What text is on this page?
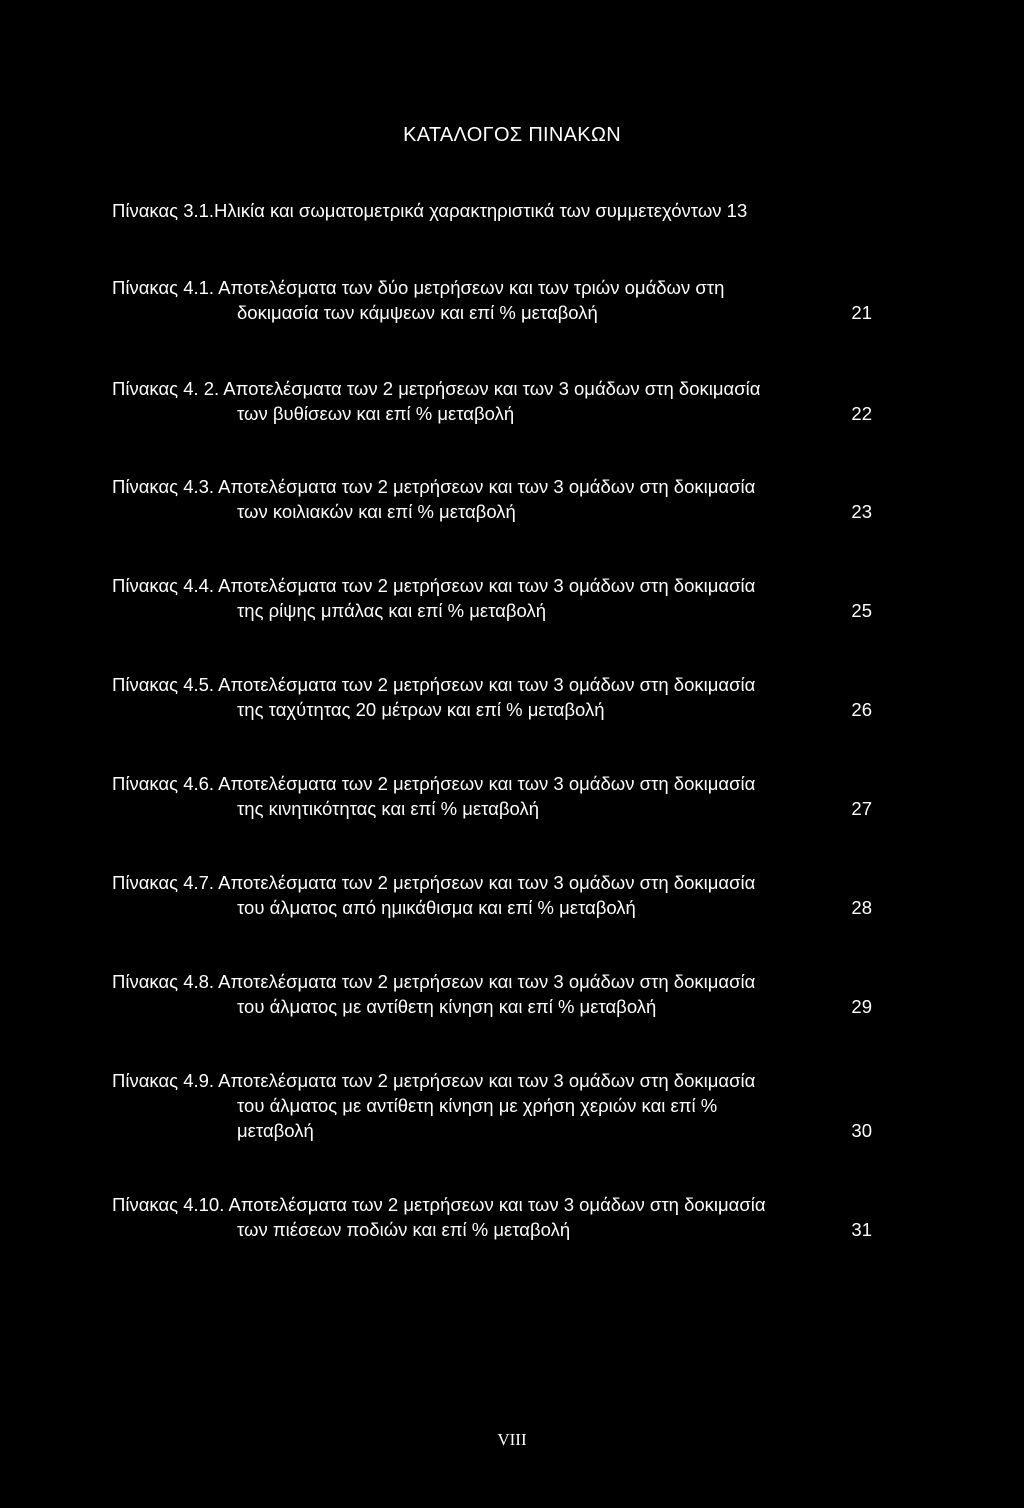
ΚΑΤΑΛΟΓΟΣ ΠΙΝΑΚΩΝ
Πίνακας 3.1.Ηλικία και σωματομετρικά χαρακτηριστικά των συμμετεχόντων 13
Πίνακας 4.1. Αποτελέσματα των δύο μετρήσεων και των τριών ομάδων στη
δοκιμασία των κάμψεων και επί % μεταβολή	21
Πίνακας 4. 2. Αποτελέσματα των 2 μετρήσεων και των 3 ομάδων στη δοκιμασία
των βυθίσεων και επί % μεταβολή	22
Πίνακας 4.3. Αποτελέσματα των 2 μετρήσεων και των 3 ομάδων στη δοκιμασία
των κοιλιακών και επί % μεταβολή	23
Πίνακας 4.4. Αποτελέσματα των 2 μετρήσεων και των 3 ομάδων στη δοκιμασία
της ρίψης μπάλας και επί % μεταβολή	25
Πίνακας 4.5. Αποτελέσματα των 2 μετρήσεων και των 3 ομάδων στη δοκιμασία
της ταχύτητας 20 μέτρων και επί % μεταβολή	26
Πίνακας 4.6. Αποτελέσματα των 2 μετρήσεων και των 3 ομάδων στη δοκιμασία
της κινητικότητας και επί % μεταβολή	27
Πίνακας 4.7. Αποτελέσματα των 2 μετρήσεων και των 3 ομάδων στη δοκιμασία
του άλματος από ημικάθισμα και επί % μεταβολή	28
Πίνακας 4.8. Αποτελέσματα των 2 μετρήσεων και των 3 ομάδων στη δοκιμασία
του άλματος με αντίθετη κίνηση και επί % μεταβολή	29
Πίνακας 4.9. Αποτελέσματα των 2 μετρήσεων και των 3 ομάδων στη δοκιμασία
του άλματος με αντίθετη κίνηση με χρήση χεριών και επί %
μεταβολή	30
Πίνακας 4.10. Αποτελέσματα των 2 μετρήσεων και των 3 ομάδων στη δοκιμασία
των πιέσεων ποδιών και επί % μεταβολή	31
VIII
